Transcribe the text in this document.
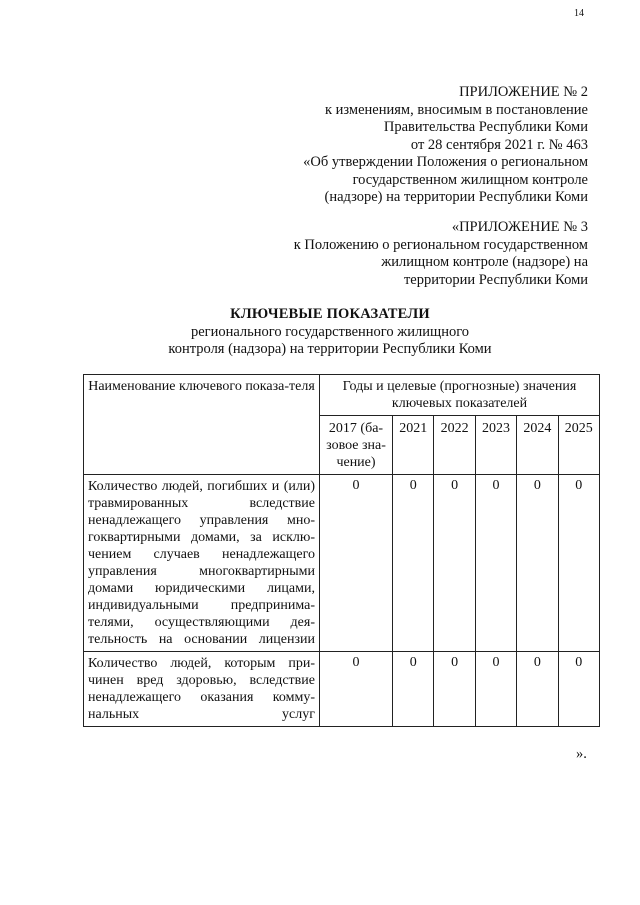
14
ПРИЛОЖЕНИЕ № 2
к изменениям, вносимым в постановление
Правительства Республики Коми
от 28 сентября 2021 г. № 463
«Об утверждении Положения о региональном
государственном жилищном контроле
(надзоре) на территории Республики Коми
«ПРИЛОЖЕНИЕ № 3
к Положению о региональном государственном
жилищном контроле (надзоре) на
территории Республики Коми
КЛЮЧЕВЫЕ ПОКАЗАТЕЛИ
регионального государственного жилищного
контроля (надзора) на территории Республики Коми
Наименование ключевого показа-теля	Годы и целевые (прогнозные) значения ключевых показателей					
	2017 (ба-зовое зна-чение)	2021	2022	2023	2024	2025
Количество людей, погибших и (или) травмированных вследствие ненадлежащего управления мно-гоквартирными домами, за исклю-чением случаев ненадлежащего управления многоквартирными домами юридическими лицами, индивидуальными предпринима-телями, осуществляющими дея-тельность на основании лицензии	0	0	0	0	0	0
Количество людей, которым при-чинен вред здоровью, вследствие ненадлежащего оказания комму-нальных услуг	0	0	0	0	0	0
».
